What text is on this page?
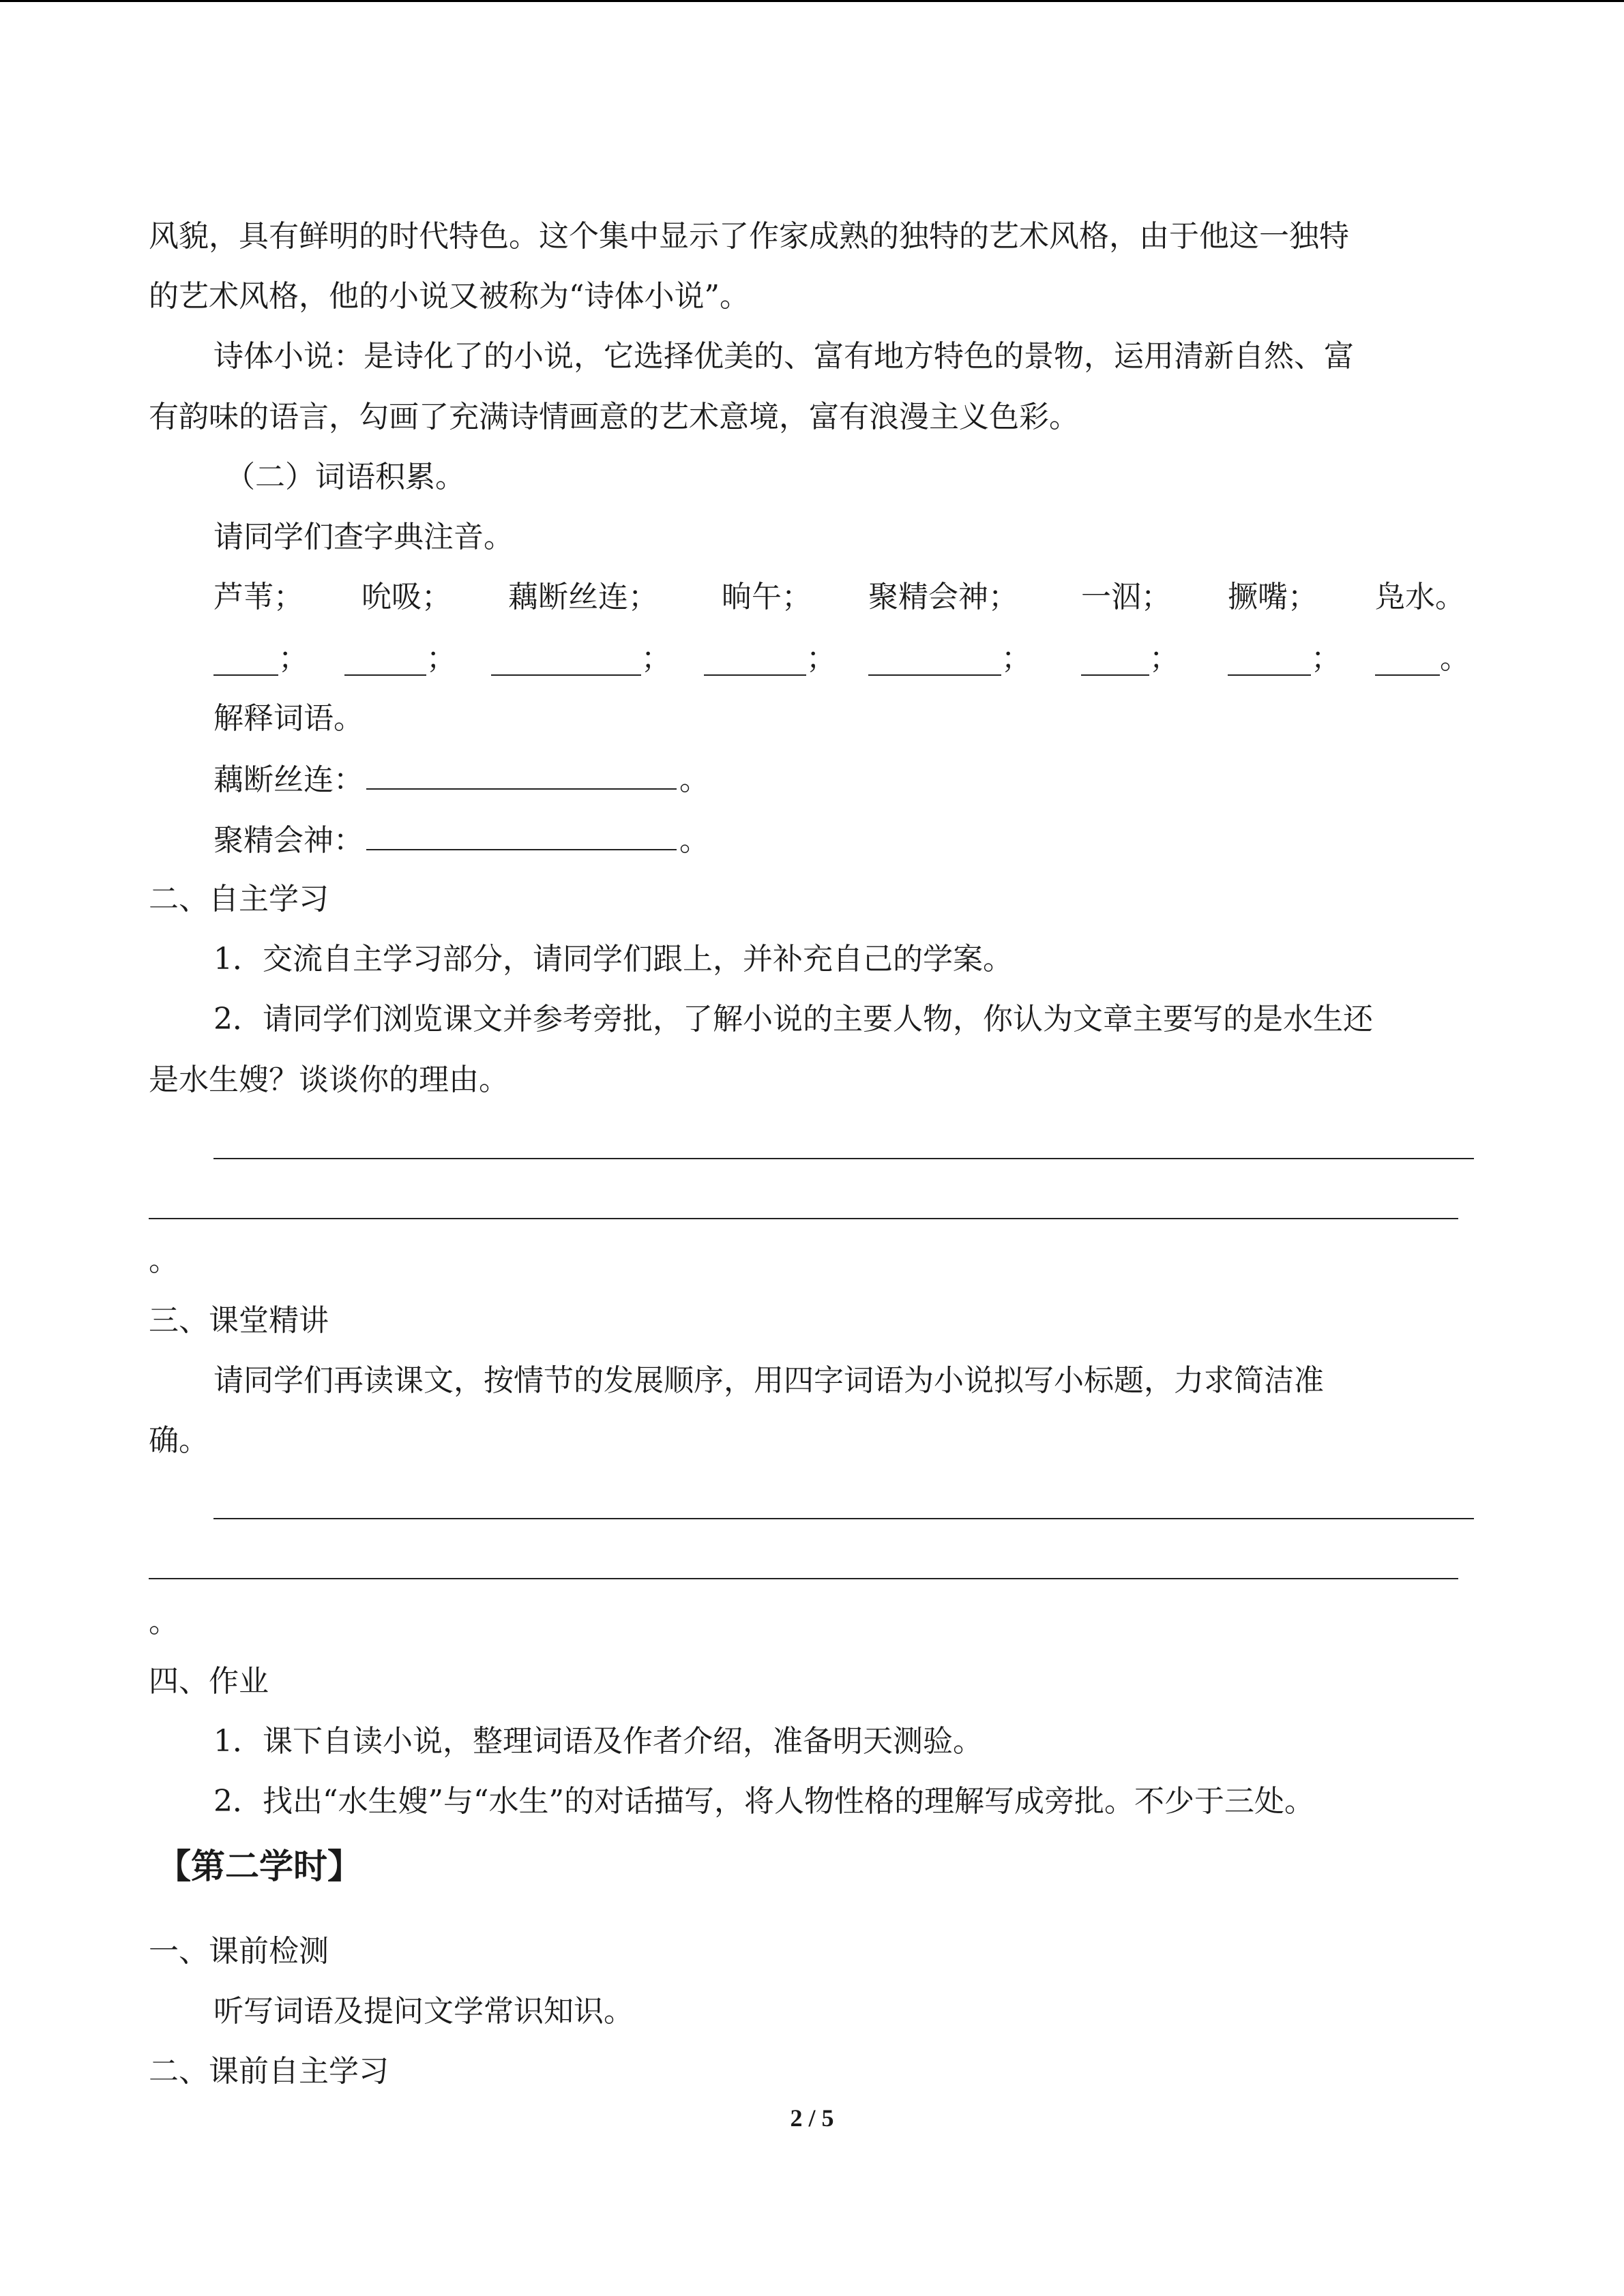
风貌，具有鲜明的时代特色。这个集中显示了作家成熟的独特的艺术风格，由于他这一独特
的艺术风格，他的小说又被称为“诗体小说”。
诗体小说：是诗化了的小说，它选择优美的、富有地方特色的景物，运用清新自然、富
有韵味的语言，勾画了充满诗情画意的艺术意境，富有浪漫主义色彩。
（二）词语积累。
请同学们查字典注音。
芦苇； 吮吸； 藕断丝连； 晌午； 聚精会神； 一泅； 撅嘴； 凫水。
；	；	；	；	；	；	；	。
解释词语。
藕断丝连：	。
聚精会神：	。
二、自主学习
1．交流自主学习部分，请同学们跟上，并补充自己的学案。
2．请同学们浏览课文并参考旁批，了解小说的主要人物，你认为文章主要写的是水生还
是水生嫂？谈谈你的理由。
。
三、课堂精讲
请同学们再读课文，按情节的发展顺序，用四字词语为小说拟写小标题，力求简洁准
确。
。
四、作业
1．课下自读小说，整理词语及作者介绍，准备明天测验。
2．找出“水生嫂”与“水生”的对话描写，将人物性格的理解写成旁批。不少于三处。
【第二学时】
一、课前检测
听写词语及提问文学常识知识。
二、课前自主学习
2 / 5
